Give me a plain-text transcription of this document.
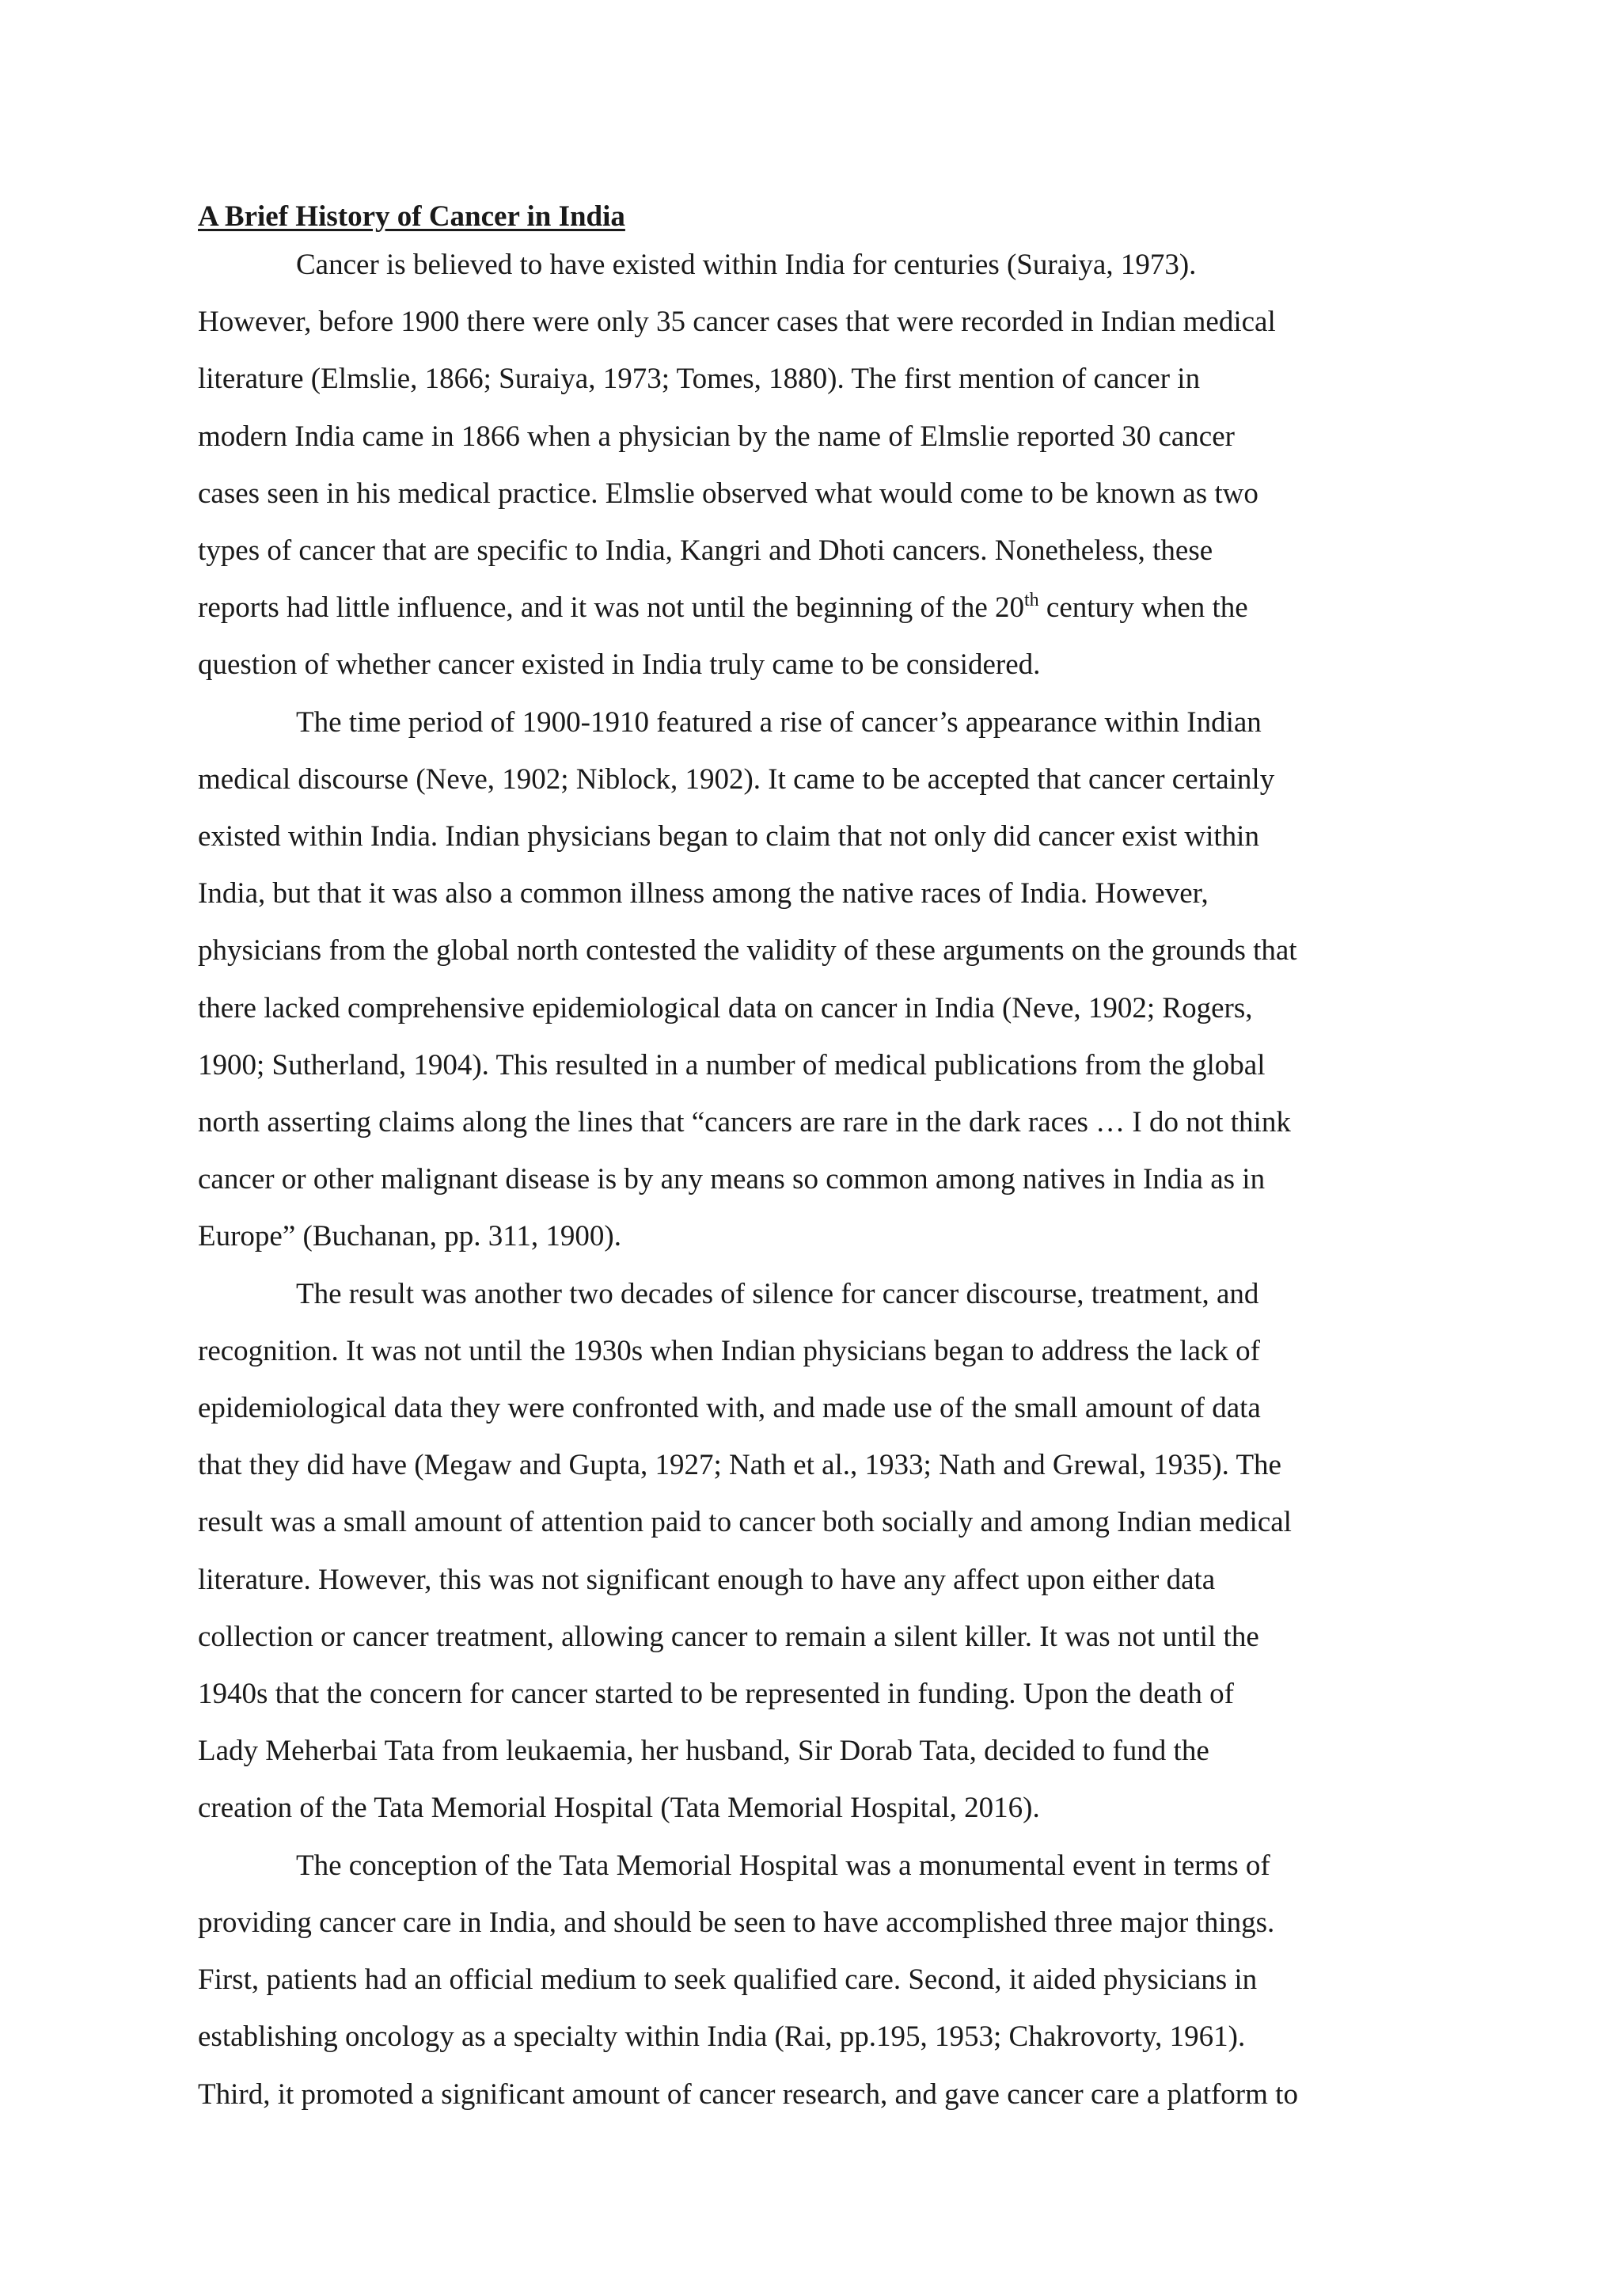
A Brief History of Cancer in India
Cancer is believed to have existed within India for centuries (Suraiya, 1973).
However, before 1900 there were only 35 cancer cases that were recorded in Indian medical
literature (Elmslie, 1866; Suraiya, 1973; Tomes, 1880). The first mention of cancer in
modern India came in 1866 when a physician by the name of Elmslie reported 30 cancer
cases seen in his medical practice. Elmslie observed what would come to be known as two
types of cancer that are specific to India, Kangri and Dhoti cancers. Nonetheless, these
reports had little influence, and it was not until the beginning of the 20th century when the
question of whether cancer existed in India truly came to be considered.
The time period of 1900-1910 featured a rise of cancer’s appearance within Indian
medical discourse (Neve, 1902; Niblock, 1902). It came to be accepted that cancer certainly
existed within India. Indian physicians began to claim that not only did cancer exist within
India, but that it was also a common illness among the native races of India. However,
physicians from the global north contested the validity of these arguments on the grounds that
there lacked comprehensive epidemiological data on cancer in India (Neve, 1902; Rogers,
1900; Sutherland, 1904). This resulted in a number of medical publications from the global
north asserting claims along the lines that “cancers are rare in the dark races … I do not think
cancer or other malignant disease is by any means so common among natives in India as in
Europe” (Buchanan, pp. 311, 1900).
The result was another two decades of silence for cancer discourse, treatment, and
recognition. It was not until the 1930s when Indian physicians began to address the lack of
epidemiological data they were confronted with, and made use of the small amount of data
that they did have (Megaw and Gupta, 1927; Nath et al., 1933; Nath and Grewal, 1935). The
result was a small amount of attention paid to cancer both socially and among Indian medical
literature. However, this was not significant enough to have any affect upon either data
collection or cancer treatment, allowing cancer to remain a silent killer. It was not until the
1940s that the concern for cancer started to be represented in funding. Upon the death of
Lady Meherbai Tata from leukaemia, her husband, Sir Dorab Tata, decided to fund the
creation of the Tata Memorial Hospital (Tata Memorial Hospital, 2016).
The conception of the Tata Memorial Hospital was a monumental event in terms of
providing cancer care in India, and should be seen to have accomplished three major things.
First, patients had an official medium to seek qualified care. Second, it aided physicians in
establishing oncology as a specialty within India (Rai, pp.195, 1953; Chakrovorty, 1961).
Third, it promoted a significant amount of cancer research, and gave cancer care a platform to
